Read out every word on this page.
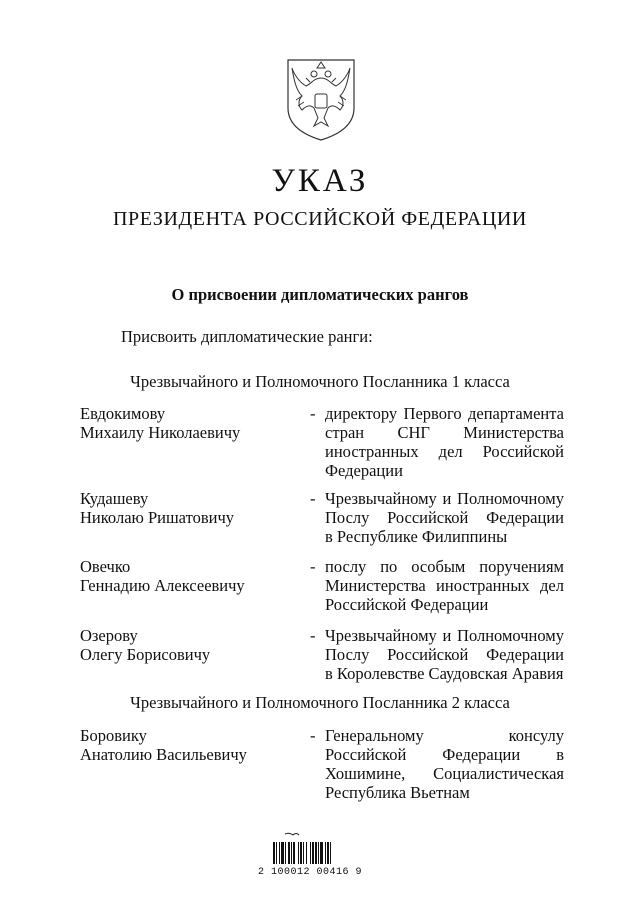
УКАЗ
ПРЕЗИДЕНТА РОССИЙСКОЙ ФЕДЕРАЦИИ
О присвоении дипломатических рангов
Присвоить дипломатические ранги:
Чрезвычайного и Полномочного Посланника 1 класса
Евдокимову
Михаилу Николаевичу
- директору Первого департамента
стран СНГ Министерства
иностранных дел Российской
Федерации
Кудашеву
Николаю Ришатовичу
- Чрезвычайному и Полномочному
Послу Российской Федерации
в Республике Филиппины
Овечко
Геннадию Алексеевичу
- послу по особым поручениям
Министерства иностранных дел
Российской Федерации
Озерову
Олегу Борисовичу
- Чрезвычайному и Полномочному
Послу Российской Федерации
в Королевстве Саудовская Аравия
Чрезвычайного и Полномочного Посланника 2 класса
Боровику
Анатолию Васильевичу
- Генеральному	консулу
Российской Федерации в
Хошимине, Социалистическая
Республика Вьетнам
2 100012 00416 9
